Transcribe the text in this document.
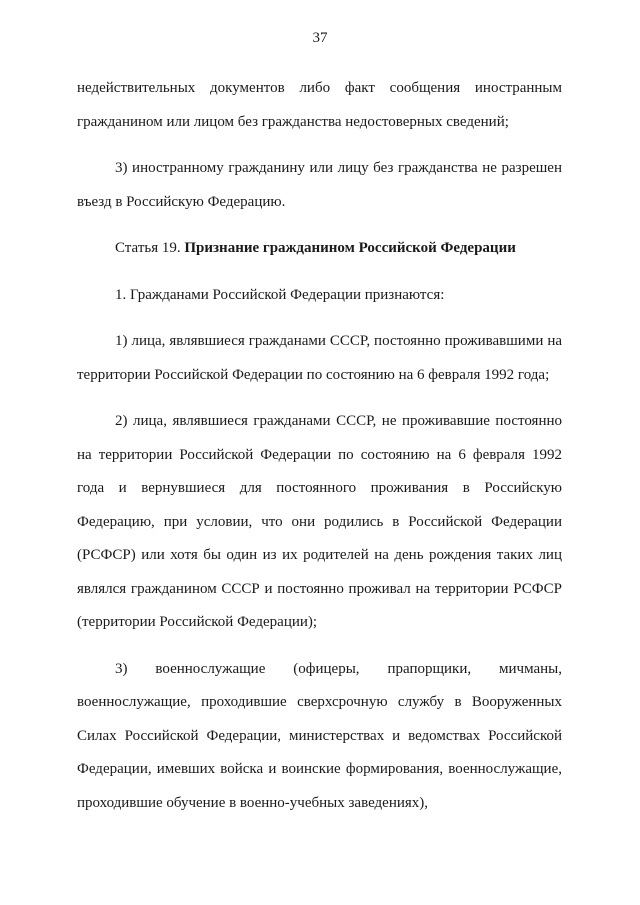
37

недействительных документов либо факт сообщения иностранным гражданином или лицом без гражданства недостоверных сведений;

3) иностранному гражданину или лицу без гражданства не разрешен въезд в Российскую Федерацию.

Статья 19. Признание гражданином Российской Федерации

1. Гражданами Российской Федерации признаются:

1) лица, являвшиеся гражданами СССР, постоянно проживавшими на территории Российской Федерации по состоянию на 6 февраля 1992 года;

2) лица, являвшиеся гражданами СССР, не проживавшие постоянно на территории Российской Федерации по состоянию на 6 февраля 1992 года и вернувшиеся для постоянного проживания в Российскую Федерацию, при условии, что они родились в Российской Федерации (РСФСР) или хотя бы один из их родителей на день рождения таких лиц являлся гражданином СССР и постоянно проживал на территории РСФСР (территории Российской Федерации);

3) военнослужащие (офицеры, прапорщики, мичманы, военнослужащие, проходившие сверхсрочную службу в Вооруженных Силах Российской Федерации, министерствах и ведомствах Российской Федерации, имевших войска и воинские формирования, военнослужащие, проходившие обучение в военно-учебных заведениях),
